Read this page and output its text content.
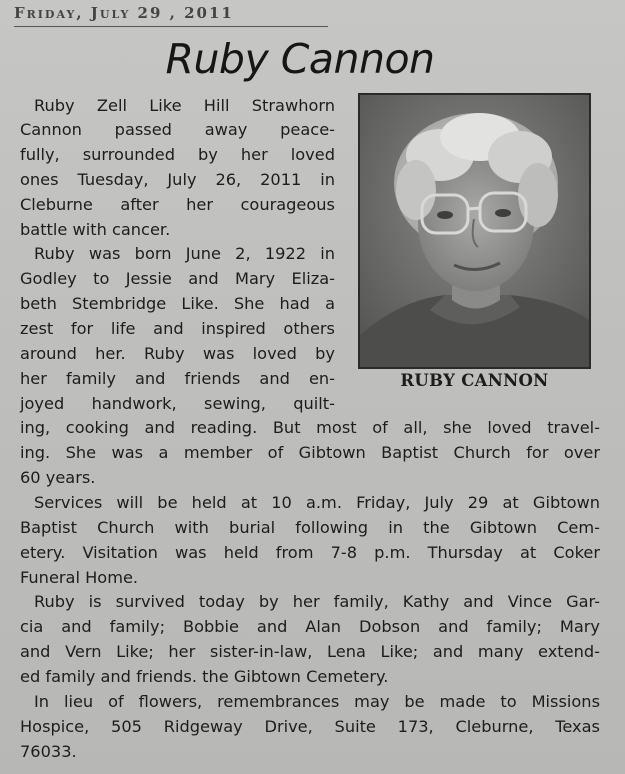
Friday, July 29 , 2011
Ruby Cannon
RUBY CANNON
Ruby Zell Like Hill Strawhorn
Cannon passed away peace-
fully, surrounded by her loved
ones Tuesday, July 26, 2011 in
Cleburne after her courageous
battle with cancer.
Ruby was born June 2, 1922 in
Godley to Jessie and Mary Eliza-
beth Stembridge Like. She had a
zest for life and inspired others
around her. Ruby was loved by
her family and friends and en-
joyed handwork, sewing, quilt-
ing, cooking and reading. But most of all, she loved travel-
ing. She was a member of Gibtown Baptist Church for over
60 years.
Services will be held at 10 a.m. Friday, July 29 at Gibtown
Baptist Church with burial following in the Gibtown Cem-
etery. Visitation was held from 7-8 p.m. Thursday at Coker
Funeral Home.
Ruby is survived today by her family, Kathy and Vince Gar-
cia and family; Bobbie and Alan Dobson and family; Mary
and Vern Like; her sister-in-law, Lena Like; and many extend-
ed family and friends. the Gibtown Cemetery.
In lieu of flowers, remembrances may be made to Missions
Hospice, 505 Ridgeway Drive, Suite 173, Cleburne, Texas
76033.
